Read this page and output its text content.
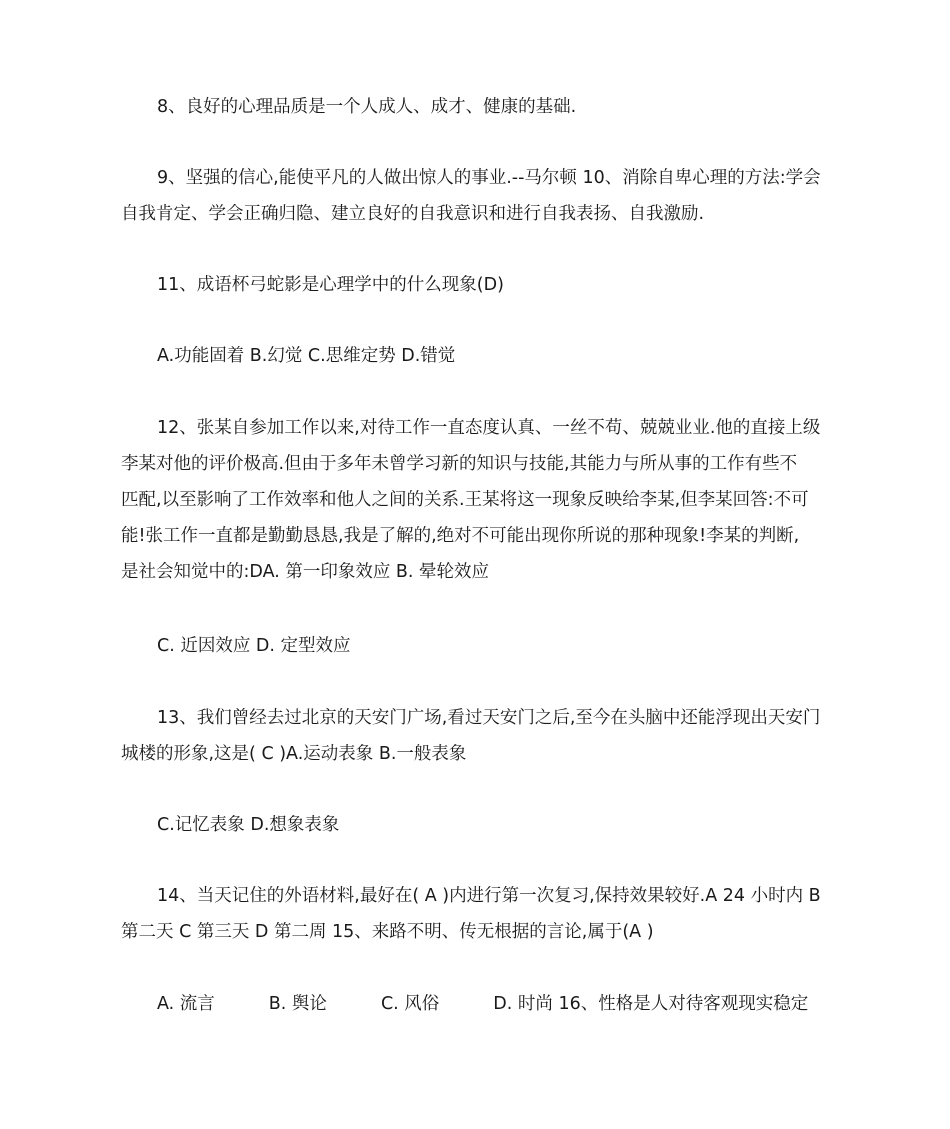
8、良好的心理品质是一个人成人、成才、健康的基础.

9、坚强的信心,能使平凡的人做出惊人的事业.--马尔顿 10、消除自卑心理的方法:学会
自我肯定、学会正确归隐、建立良好的自我意识和进行自我表扬、自我激励.

11、成语杯弓蛇影是心理学中的什么现象(D)

A.功能固着 B.幻觉 C.思维定势 D.错觉

12、张某自参加工作以来,对待工作一直态度认真、一丝不苟、兢兢业业.他的直接上级
李某对他的评价极高.但由于多年未曾学习新的知识与技能,其能力与所从事的工作有些不
匹配,以至影响了工作效率和他人之间的关系.王某将这一现象反映给李某,但李某回答:不可
能!张工作一直都是勤勤恳恳,我是了解的,绝对不可能出现你所说的那种现象!李某的判断,
是社会知觉中的:DA. 第一印象效应 B. 晕轮效应

C. 近因效应 D. 定型效应

13、我们曾经去过北京的天安门广场,看过天安门之后,至今在头脑中还能浮现出天安门
城楼的形象,这是( C )A.运动表象 B.一般表象

C.记忆表象 D.想象表象

14、当天记住的外语材料,最好在( A )内进行第一次复习,保持效果较好.A 24 小时内 B
第二天 C 第三天 D 第二周 15、来路不明、传无根据的言论,属于(A )

A. 流言	B. 舆论	C. 风俗	D. 时尚 16、性格是人对待客观现实稳定
